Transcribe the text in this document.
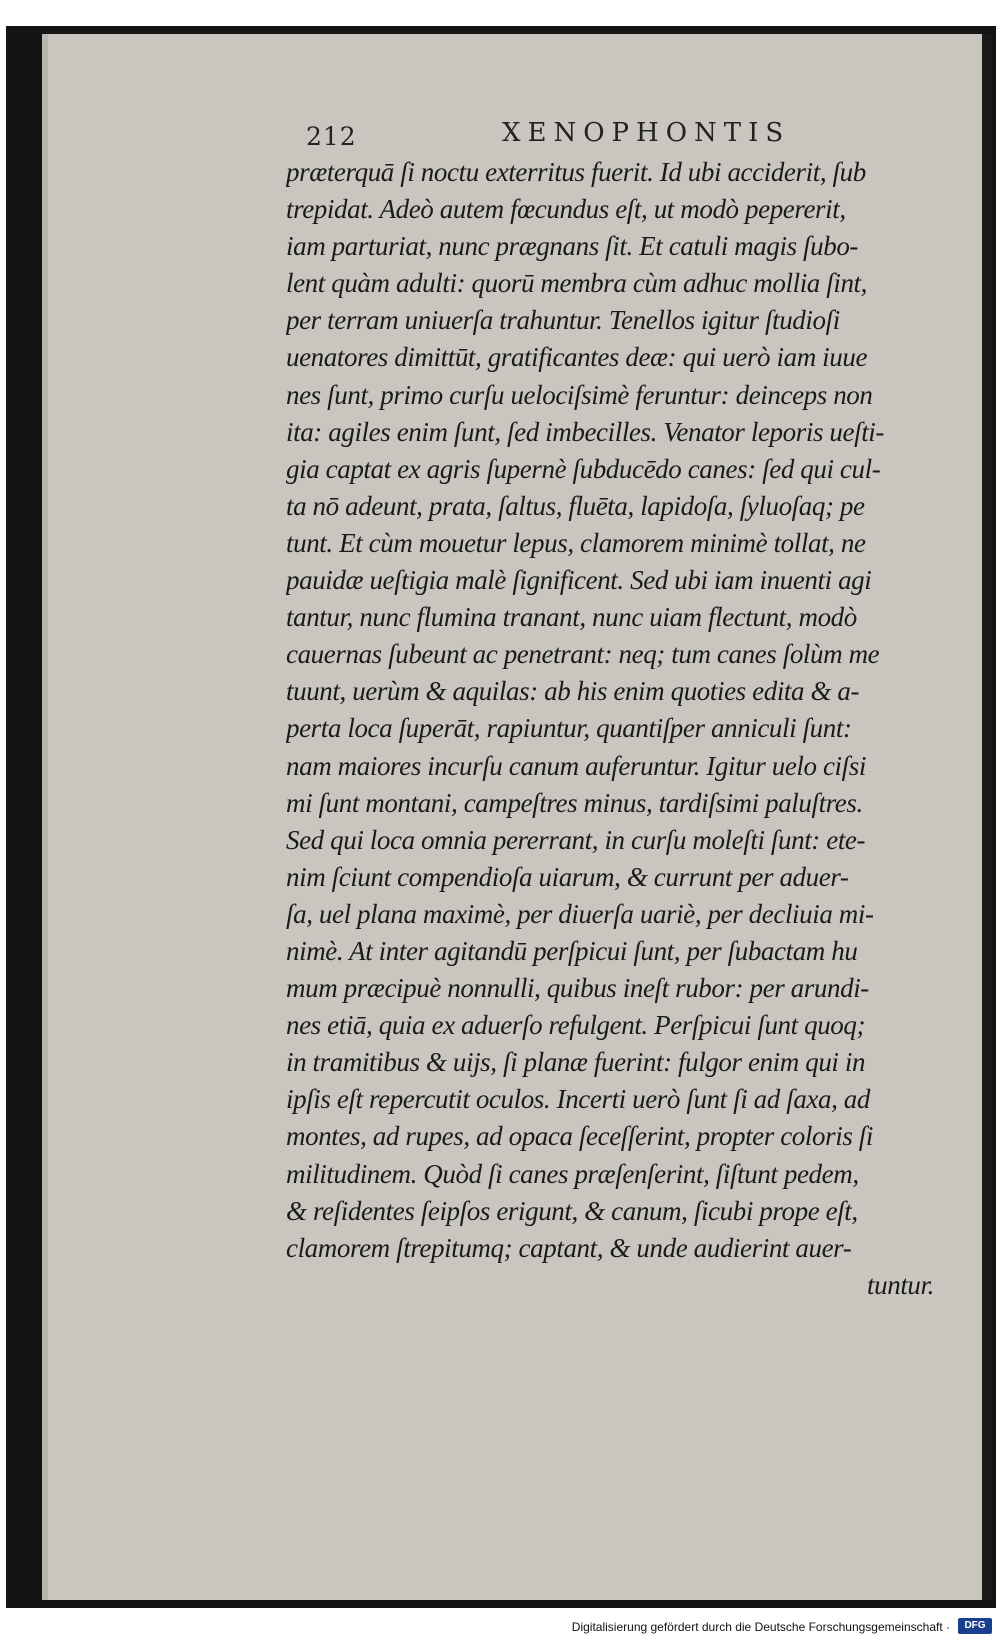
212	XENOPHONTIS
præterquā ſi noctu exterritus fuerit. Id ubi acciderit, ſub
trepidat. Adeò autem fœcundus eſt, ut modò pepererit,
iam parturiat, nunc prægnans ſit. Et catuli magis ſubo-
lent quàm adulti: quorū membra cùm adhuc mollia ſint,
per terram uniuerſa trahuntur. Tenellos igitur ſtudioſi
uenatores dimittūt, gratificantes deæ: qui uerò iam iuue
nes ſunt, primo curſu uelociſsimè feruntur: deinceps non
ita: agiles enim ſunt, ſed imbecilles. Venator leporis ueſti-
gia captat ex agris ſupernè ſubducēdo canes: ſed qui cul-
ta nō adeunt, prata, ſaltus, fluēta, lapidoſa, ſyluoſaq; pe
tunt. Et cùm mouetur lepus, clamorem minimè tollat, ne
pauidæ ueſtigia malè ſignificent. Sed ubi iam inuenti agi
tantur, nunc flumina tranant, nunc uiam flectunt, modò
cauernas ſubeunt ac penetrant: neq; tum canes ſolùm me
tuunt, uerùm & aquilas: ab his enim quoties edita & a-
perta loca ſuperāt, rapiuntur, quantiſper anniculi ſunt:
nam maiores incurſu canum auferuntur. Igitur uelo ciſsi
mi ſunt montani, campeſtres minus, tardiſsimi paluſtres.
Sed qui loca omnia pererrant, in curſu moleſti ſunt: ete-
nim ſciunt compendioſa uiarum, & currunt per aduer-
ſa, uel plana maximè, per diuerſa uariè, per decliuia mi-
nimè. At inter agitandū perſpicui ſunt, per ſubactam hu
mum præcipuè nonnulli, quibus ineſt rubor: per arundi-
nes etiā, quia ex aduerſo refulgent. Perſpicui ſunt quoq;
in tramitibus & uijs, ſi planæ fuerint: fulgor enim qui in
ipſis eſt repercutit oculos. Incerti uerò ſunt ſi ad ſaxa, ad
montes, ad rupes, ad opaca ſeceſſerint, propter coloris ſi
militudinem. Quòd ſi canes præſenſerint, ſiſtunt pedem,
& reſidentes ſeipſos erigunt, & canum, ſicubi prope eſt,
clamorem ſtrepitumq; captant, & unde audierint auer-
tuntur.
Digitalisierung gefördert durch die Deutsche Forschungsgemeinschaft ·	DFG
